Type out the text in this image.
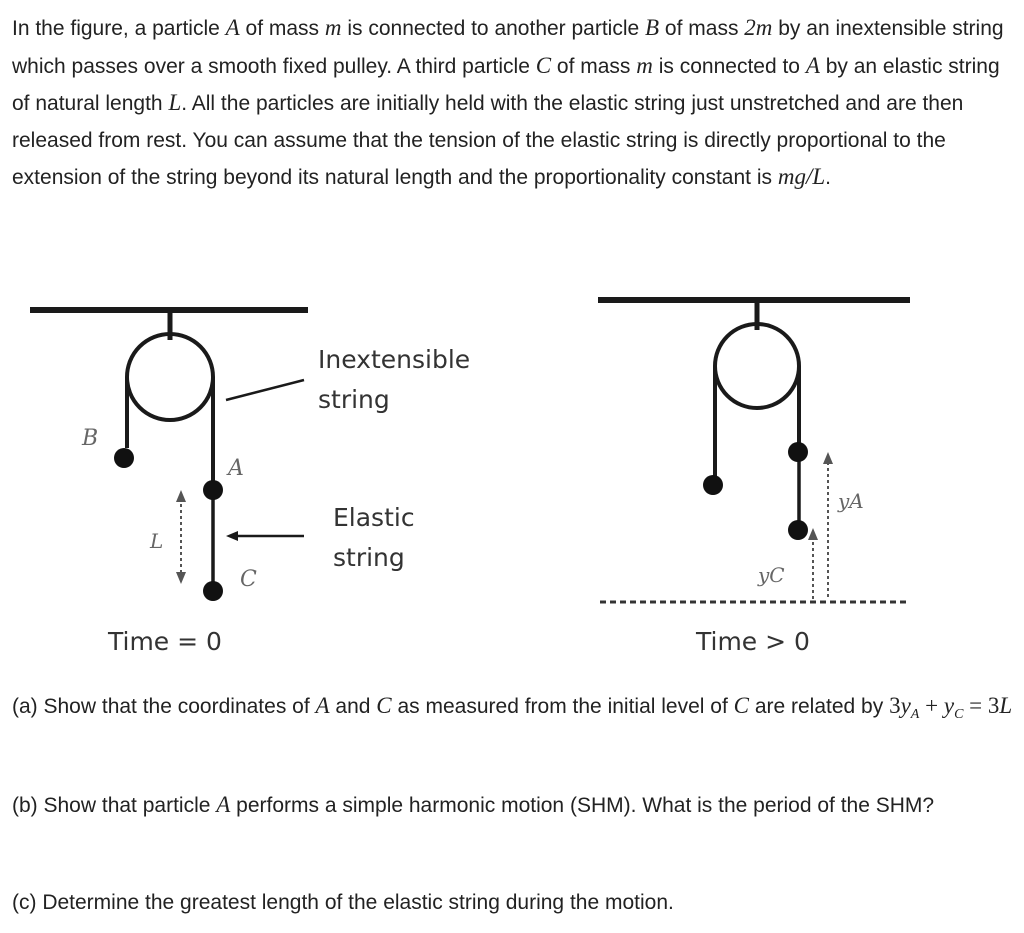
In the figure, a particle A of mass m is connected to another particle B of mass 2m by an inextensible string which passes over a smooth fixed pulley. A third particle C of mass m is connected to A by an elastic string of natural length L. All the particles are initially held with the elastic string just unstretched and are then released from rest. You can assume that the tension of the elastic string is directly proportional to the extension of the string beyond its natural length and the proportionality constant is mg/L.
Inextensible
string
Elastic
string
B
A
C
L
yA
yC
Time = 0	Time > 0
(a) Show that the coordinates of A and C as measured from the initial level of C are related by $3y_A + y_C = 3L$
(b) Show that particle A performs a simple harmonic motion (SHM). What is the period of the SHM?
(c) Determine the greatest length of the elastic string during the motion.
